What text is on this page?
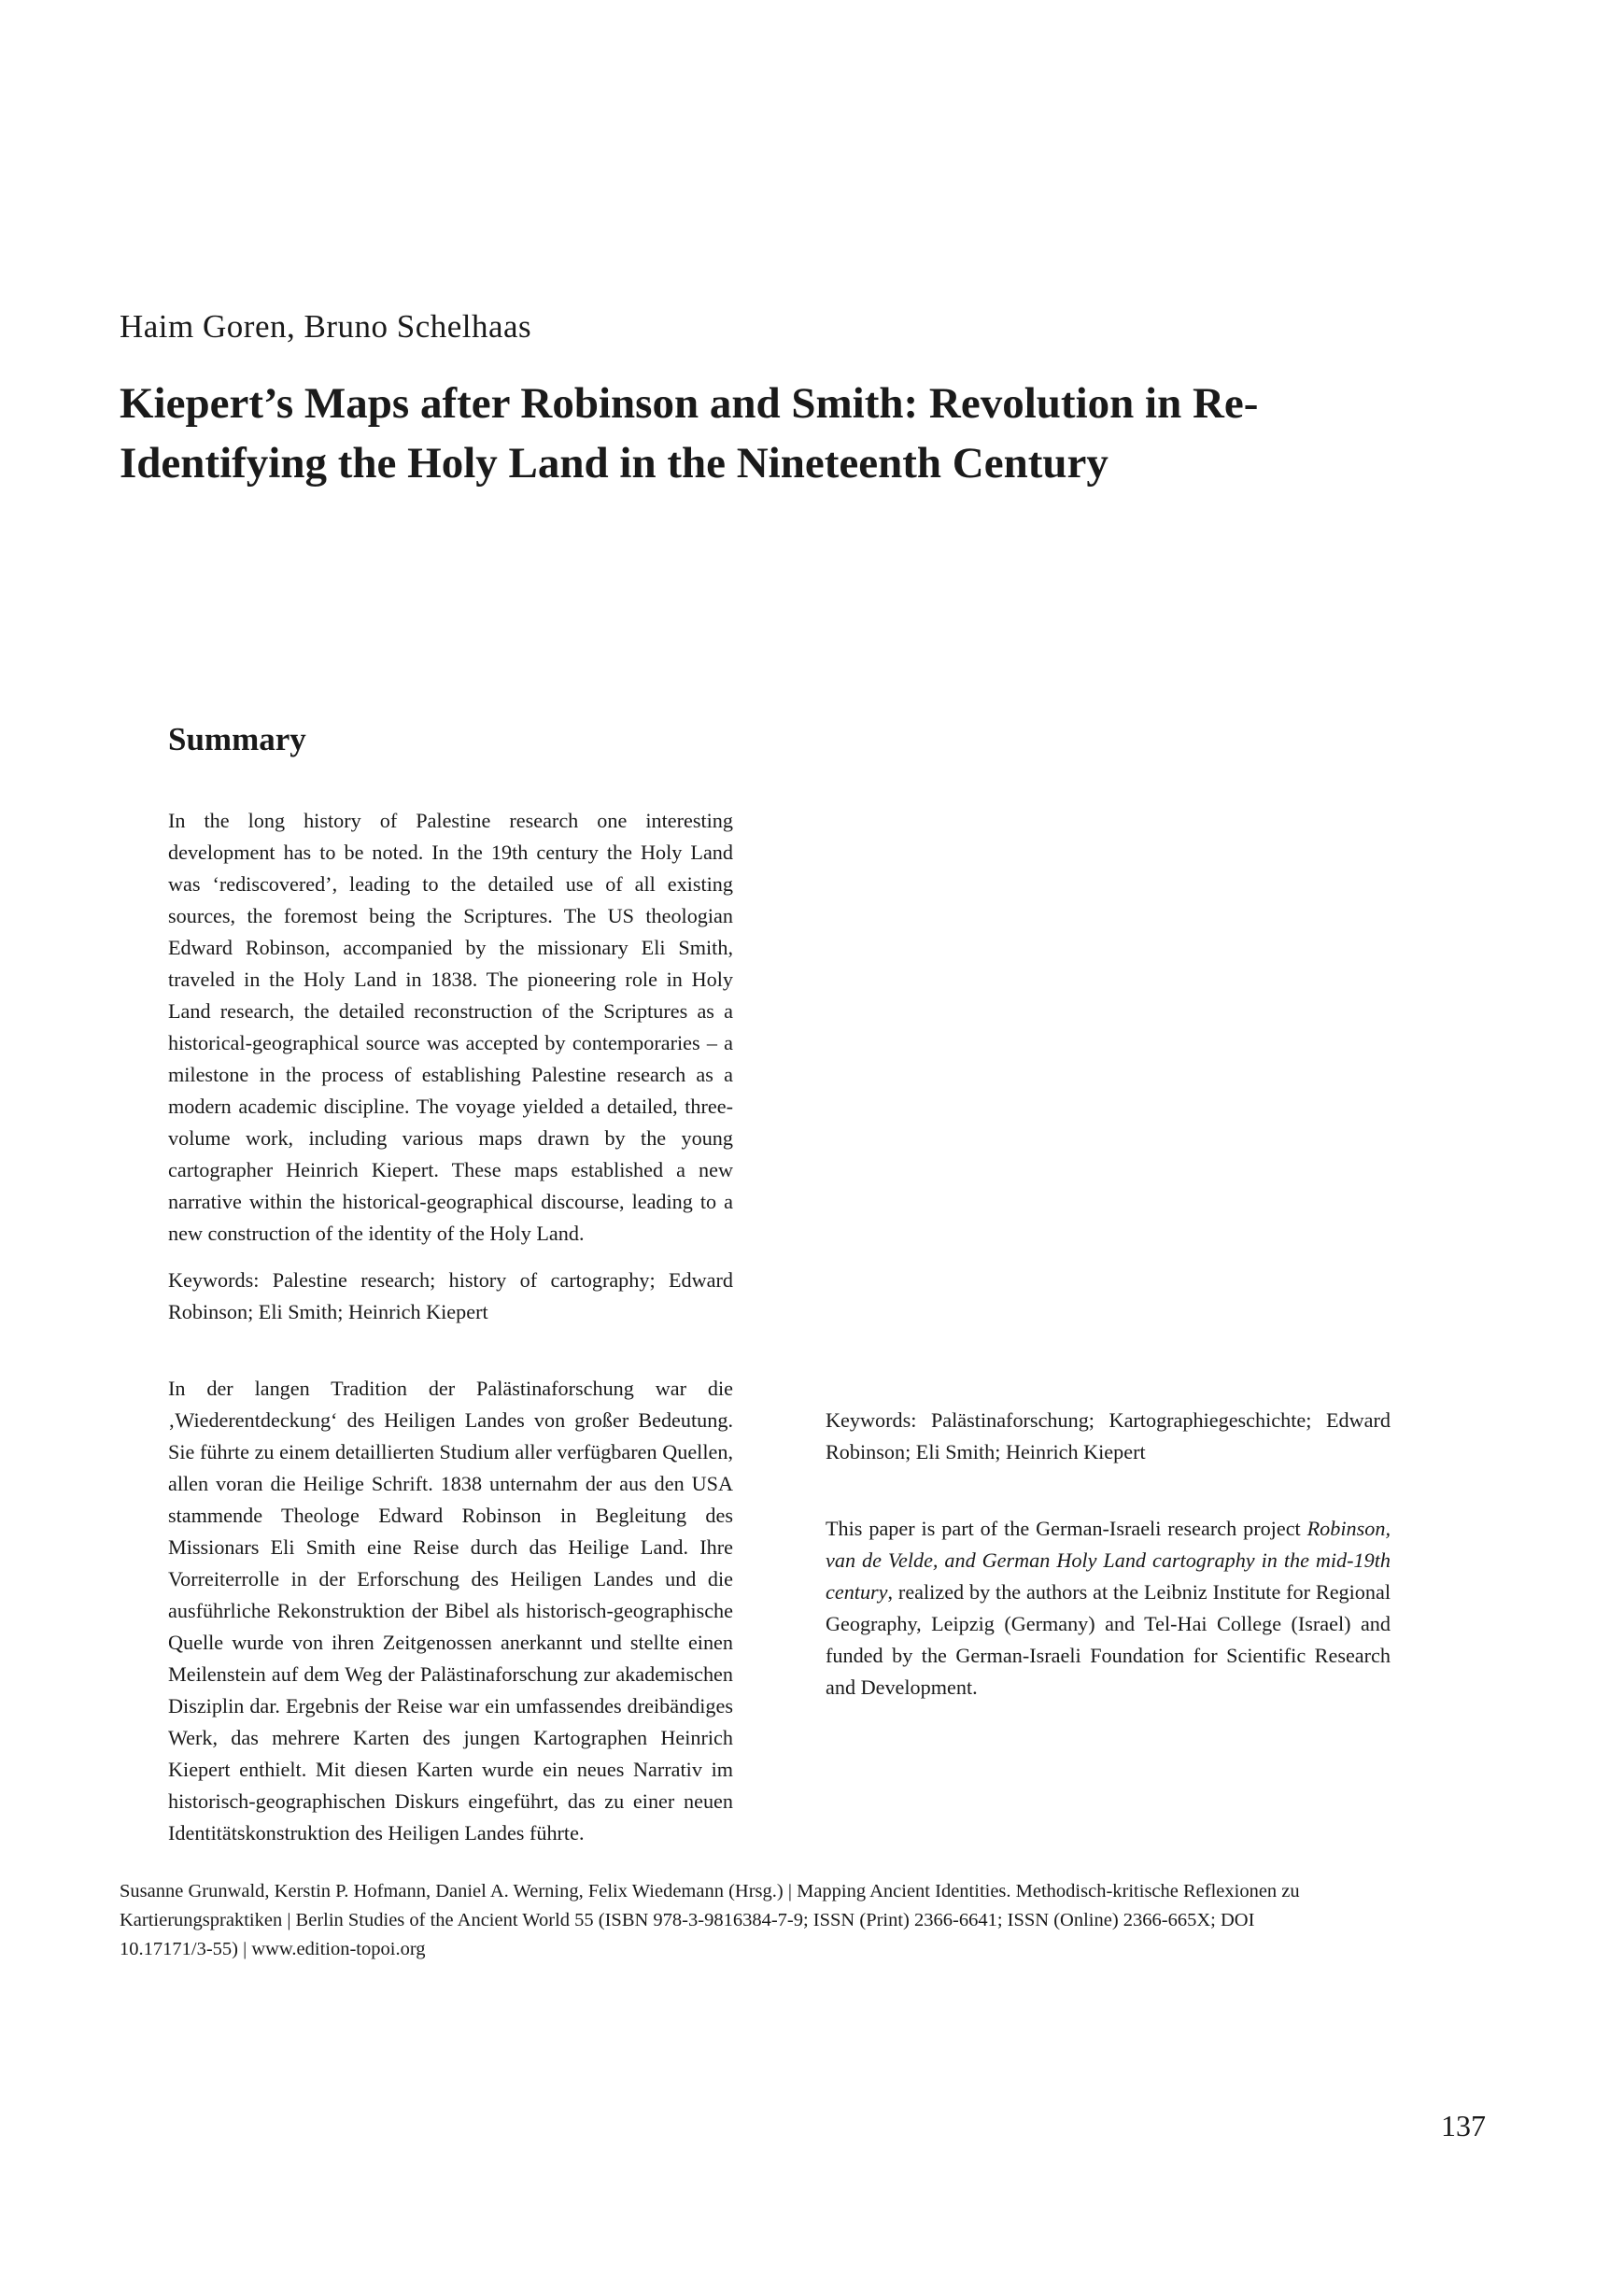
Haim Goren, Bruno Schelhaas
Kiepert’s Maps after Robinson and Smith: Revolution in Re-Identifying the Holy Land in the Nineteenth Century
Summary

In the long history of Palestine research one interesting development has to be noted. In the 19th century the Holy Land was ‘rediscovered’, leading to the detailed use of all existing sources, the foremost being the Scriptures. The US theologian Edward Robinson, accompanied by the missionary Eli Smith, traveled in the Holy Land in 1838. The pioneering role in Holy Land research, the detailed reconstruction of the Scriptures as a historical-geographical source was accepted by contemporaries – a milestone in the process of establishing Palestine research as a modern academic discipline. The voyage yielded a detailed, three-volume work, including various maps drawn by the young cartographer Heinrich Kiepert. These maps established a new narrative within the historical-geographical discourse, leading to a new construction of the identity of the Holy Land.

Keywords: Palestine research; history of cartography; Edward Robinson; Eli Smith; Heinrich Kiepert

In der langen Tradition der Palästinaforschung war die ‚Wiederentdeckung‘ des Heiligen Landes von großer Bedeutung. Sie führte zu einem detaillierten Studium aller verfügbaren Quellen, allen voran die Heilige Schrift. 1838 unternahm der aus den USA stammende Theologe Edward Robinson in Begleitung des Missionars Eli Smith eine Reise durch das Heilige Land. Ihre Vorreiterrolle in der Erforschung des Heiligen Landes und die ausführliche Rekonstruktion der Bibel als historisch-geographische Quelle wurde von ihren Zeitgenossen anerkannt und stellte einen Meilenstein auf dem Weg der Palästinaforschung zur akademischen Disziplin dar. Ergebnis der Reise war ein umfassendes dreibändiges Werk, das mehrere Karten des jungen Kartographen Heinrich Kiepert enthielt. Mit diesen Karten wurde ein neues Narrativ im historisch-geographischen Diskurs eingeführt, das zu einer neuen Identitätskonstruktion des Heiligen Landes führte.

Keywords: Palästinaforschung; Kartographiegeschichte; Edward Robinson; Eli Smith; Heinrich Kiepert

This paper is part of the German-Israeli research project Robinson, van de Velde, and German Holy Land cartography in the mid-19th century, realized by the authors at the Leibniz Institute for Regional Geography, Leipzig (Germany) and Tel-Hai College (Israel) and funded by the German-Israeli Foundation for Scientific Research and Development.

Susanne Grunwald, Kerstin P. Hofmann, Daniel A. Werning, Felix Wiedemann (Hrsg.) | Mapping Ancient Identities. Methodisch-kritische Reflexionen zu Kartierungspraktiken | Berlin Studies of the Ancient World 55 (ISBN 978-3-9816384-7-9; ISSN (Print) 2366-6641; ISSN (Online) 2366-665X; DOI 10.17171/3-55) | www.edition-topoi.org

137
